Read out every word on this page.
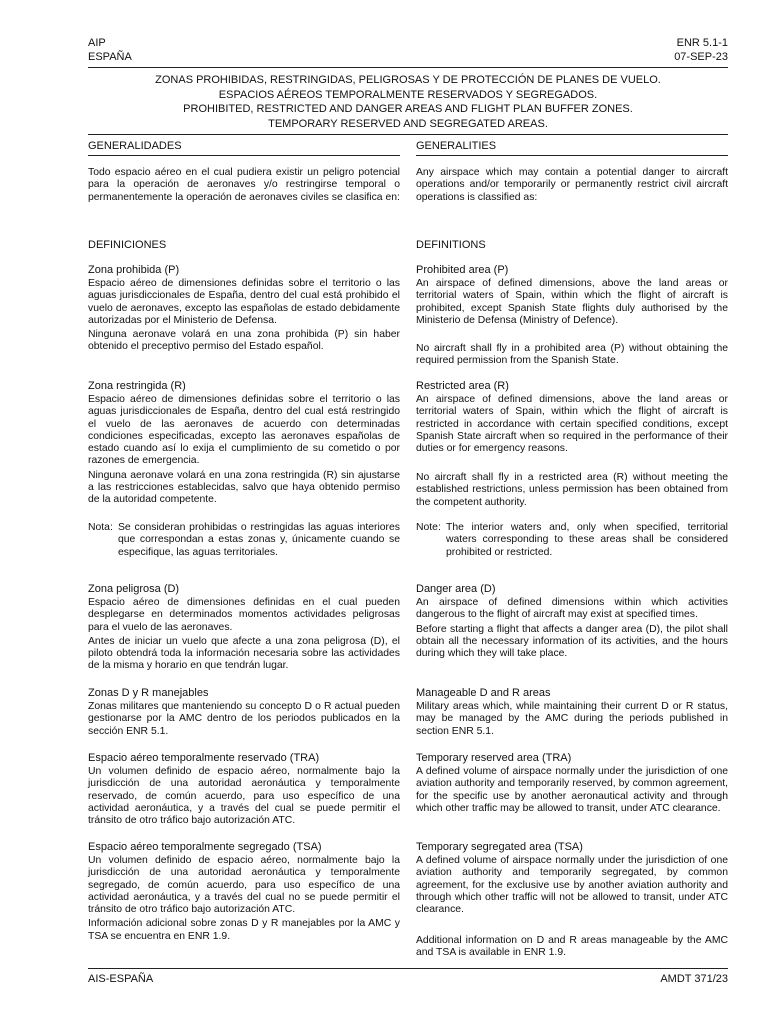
AIP
ESPAÑA
ENR 5.1-1
07-SEP-23
ZONAS PROHIBIDAS, RESTRINGIDAS, PELIGROSAS Y DE PROTECCIÓN DE PLANES DE VUELO.
ESPACIOS AÉREOS TEMPORALMENTE RESERVADOS Y SEGREGADOS.
PROHIBITED, RESTRICTED AND DANGER AREAS AND FLIGHT PLAN BUFFER ZONES.
TEMPORARY RESERVED AND SEGREGATED AREAS.
GENERALIDADES	GENERALITIES

Todo espacio aéreo en el cual pudiera existir un peligro potencial para la operación de aeronaves y/o restringirse temporal o permanentemente la operación de aeronaves civiles se clasifica en:

DEFINICIONES
Zona prohibida (P)

Espacio aéreo de dimensiones definidas sobre el territorio o las aguas jurisdiccionales de España, dentro del cual está prohibido el vuelo de aeronaves, excepto las españolas de estado debidamente autorizadas por el Ministerio de Defensa.

Ninguna aeronave volará en una zona prohibida (P) sin haber obtenido el preceptivo permiso del Estado español.

Zona restringida (R)

Espacio aéreo de dimensiones definidas sobre el territorio o las aguas jurisdiccionales de España, dentro del cual está restringido el vuelo de las aeronaves de acuerdo con determinadas condiciones especificadas, excepto las aeronaves españolas de estado cuando así lo exija el cumplimiento de su cometido o por razones de emergencia.

Ninguna aeronave volará en una zona restringida (R) sin ajustarse a las restricciones establecidas, salvo que haya obtenido permiso de la autoridad competente.

Nota: Se consideran prohibidas o restringidas las aguas interiores que correspondan a estas zonas y, únicamente cuando se especifique, las aguas territoriales.
Zona peligrosa (D)

Espacio aéreo de dimensiones definidas en el cual pueden desplegarse en determinados momentos actividades peligrosas para el vuelo de las aeronaves.

Antes de iniciar un vuelo que afecte a una zona peligrosa (D), el piloto obtendrá toda la información necesaria sobre las actividades de la misma y horario en que tendrán lugar.

Zonas D y R manejables

Zonas militares que manteniendo su concepto D o R actual pueden gestionarse por la AMC dentro de los periodos publicados en la sección ENR 5.1.

Espacio aéreo temporalmente reservado (TRA)

Un volumen definido de espacio aéreo, normalmente bajo la jurisdicción de una autoridad aeronáutica y temporalmente reservado, de común acuerdo, para uso específico de una actividad aeronáutica, y a través del cual se puede permitir el tránsito de otro tráfico bajo autorización ATC.

Espacio aéreo temporalmente segregado (TSA)

Un volumen definido de espacio aéreo, normalmente bajo la jurisdicción de una autoridad aeronáutica y temporalmente segregado, de común acuerdo, para uso específico de una actividad aeronáutica, y a través del cual no se puede permitir el tránsito de otro tráfico bajo autorización ATC.

Información adicional sobre zonas D y R manejables por la AMC y TSA se encuentra en ENR 1.9.

Any airspace which may contain a potential danger to aircraft operations and/or temporarily or permanently restrict civil aircraft operations is classified as:

DEFINITIONS
Prohibited area (P)

An airspace of defined dimensions, above the land areas or territorial waters of Spain, within which the flight of aircraft is prohibited, except Spanish State flights duly authorised by the Ministerio de Defensa (Ministry of Defence).

No aircraft shall fly in a prohibited area (P) without obtaining the required permission from the Spanish State.

Restricted area (R)

An airspace of defined dimensions, above the land areas or territorial waters of Spain, within which the flight of aircraft is restricted in accordance with certain specified conditions, except Spanish State aircraft when so required in the performance of their duties or for emergency reasons.

No aircraft shall fly in a restricted area (R) without meeting the established restrictions, unless permission has been obtained from the competent authority.

Note: The interior waters and, only when specified, territorial waters corresponding to these areas shall be considered prohibited or restricted.
Danger area (D)

An airspace of defined dimensions within which activities dangerous to the flight of aircraft may exist at specified times.

Before starting a flight that affects a danger area (D), the pilot shall obtain all the necessary information of its activities, and the hours during which they will take place.

Manageable D and R areas

Military areas which, while maintaining their current D or R status, may be managed by the AMC during the periods published in section ENR 5.1.

Temporary reserved area (TRA)

A defined volume of airspace normally under the jurisdiction of one aviation authority and temporarily reserved, by common agreement, for the specific use by another aeronautical activity and through which other traffic may be allowed to transit, under ATC clearance.

Temporary segregated area (TSA)

A defined volume of airspace normally under the jurisdiction of one aviation authority and temporarily segregated, by common agreement, for the exclusive use by another aviation authority and through which other traffic will not be allowed to transit, under ATC clearance.

Additional information on D and R areas manageable by the AMC and TSA is available in ENR 1.9.

AIS-ESPAÑA	AMDT 371/23
